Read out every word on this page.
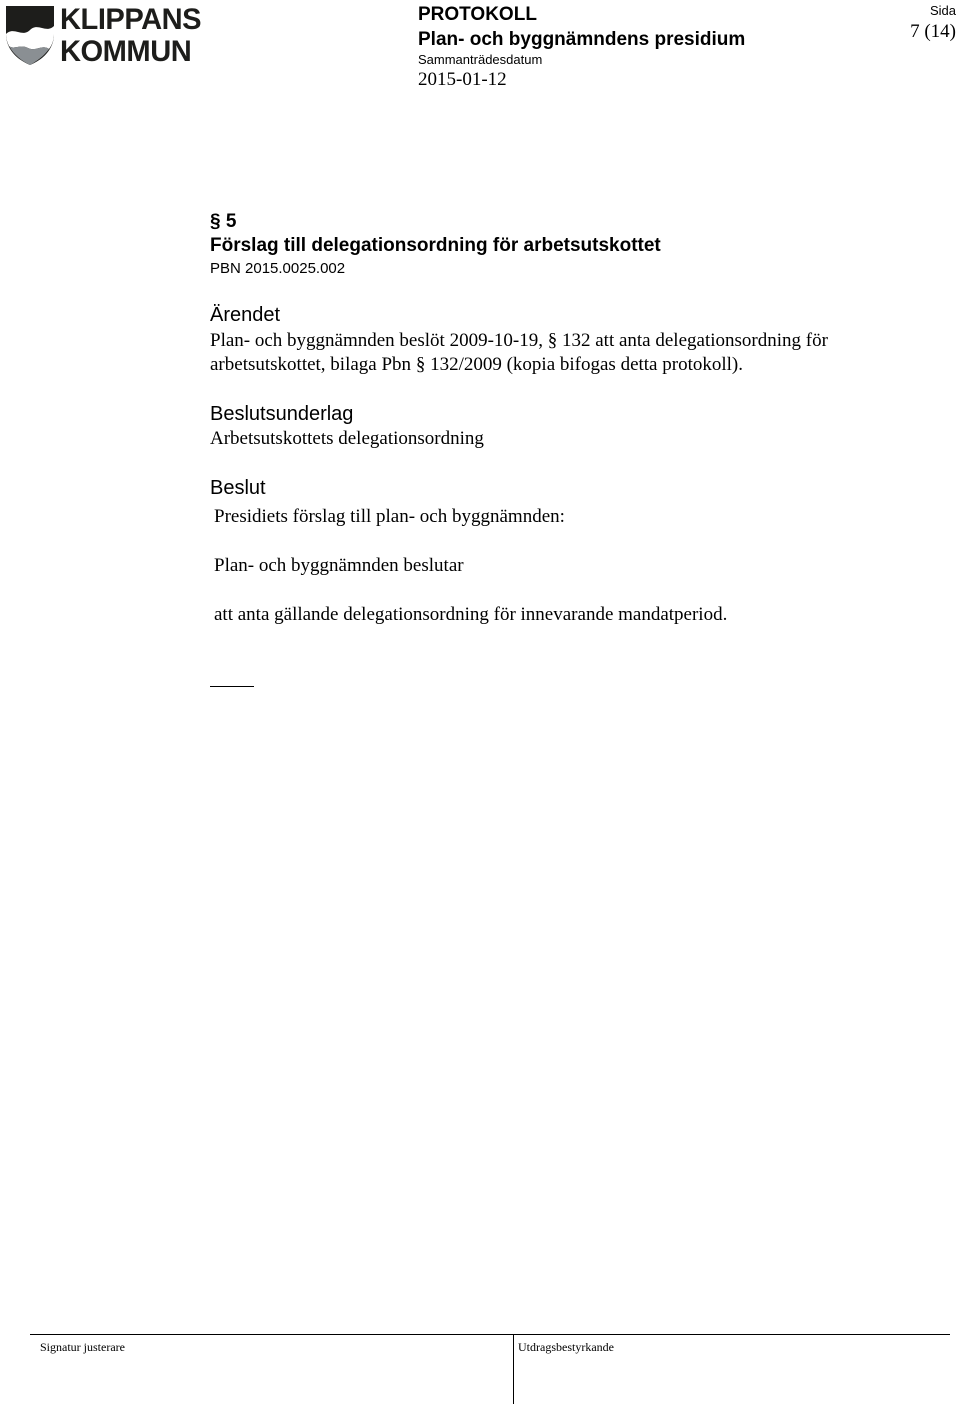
KLIPPANS
KOMMUN
PROTOKOLL
Plan- och byggnämndens presidium
Sammanträdesdatum
2015-01-12
Sida
7 (14)
§ 5
Förslag till delegationsordning för arbetsutskottet
PBN 2015.0025.002
Ärendet
Plan- och byggnämnden beslöt 2009-10-19, § 132 att anta delegationsordning för
arbetsutskottet, bilaga Pbn § 132/2009 (kopia bifogas detta protokoll).
Beslutsunderlag
Arbetsutskottets delegationsordning
Beslut
Presidiets förslag till plan- och byggnämnden:
Plan- och byggnämnden beslutar
att anta gällande delegationsordning för innevarande mandatperiod.
Signatur justerare	Utdragsbestyrkande
